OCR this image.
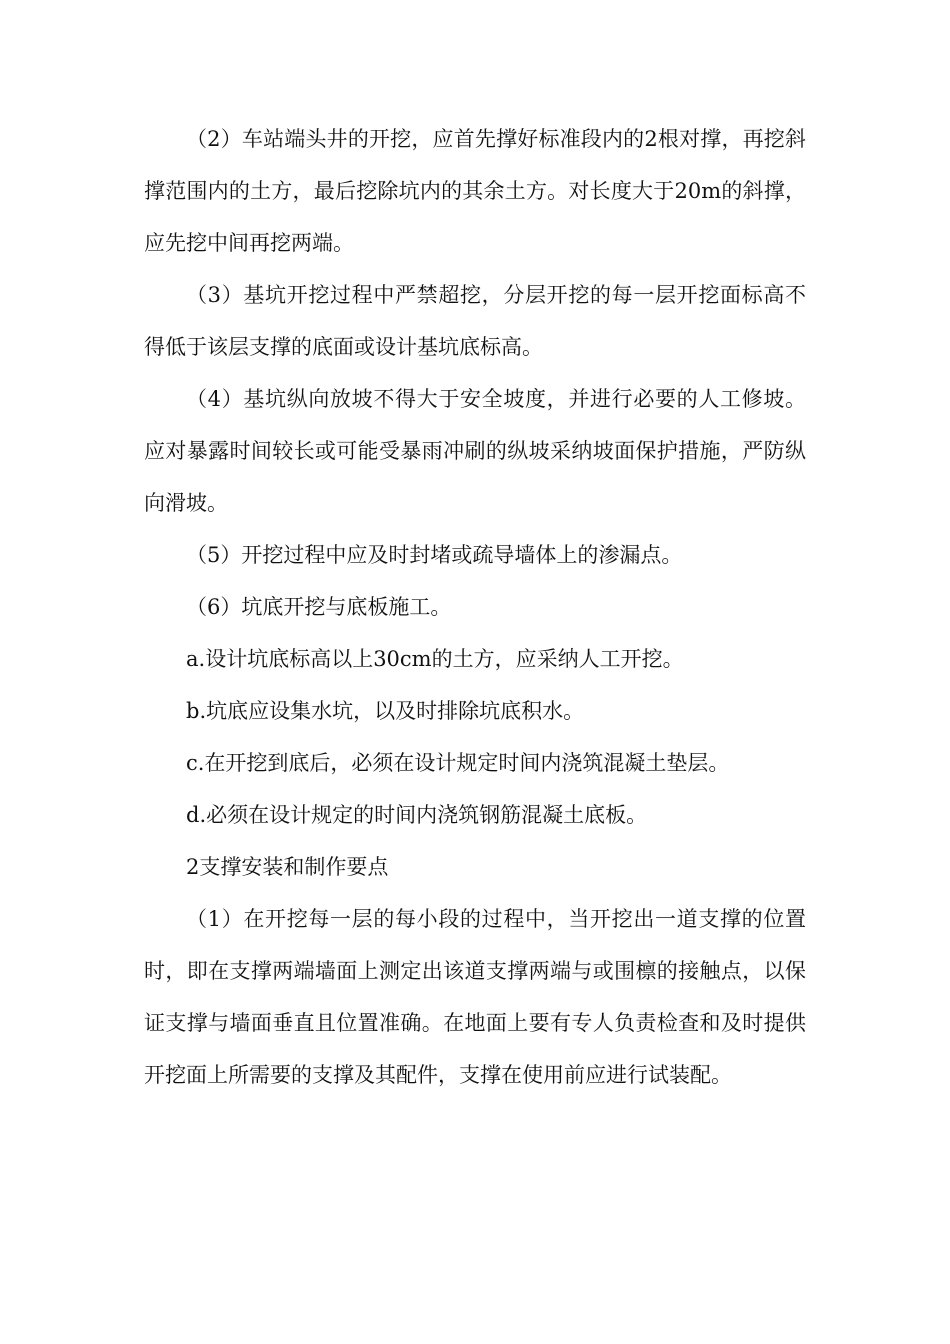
（2）车站端头井的开挖，应首先撑好标准段内的2根对撑，再挖斜撑范围内的土方，最后挖除坑内的其余土方。对长度大于20m的斜撑，应先挖中间再挖两端。

（3）基坑开挖过程中严禁超挖，分层开挖的每一层开挖面标高不得低于该层支撑的底面或设计基坑底标高。

（4）基坑纵向放坡不得大于安全坡度，并进行必要的人工修坡。应对暴露时间较长或可能受暴雨冲刷的纵坡采纳坡面保护措施，严防纵向滑坡。

（5）开挖过程中应及时封堵或疏导墙体上的渗漏点。

（6）坑底开挖与底板施工。

a.设计坑底标高以上30cm的土方，应采纳人工开挖。

b.坑底应设集水坑，以及时排除坑底积水。

c.在开挖到底后，必须在设计规定时间内浇筑混凝土垫层。

d.必须在设计规定的时间内浇筑钢筋混凝土底板。

2支撑安装和制作要点

（1）在开挖每一层的每小段的过程中，当开挖出一道支撑的位置时，即在支撑两端墙面上测定出该道支撑两端与或围檩的接触点，以保证支撑与墙面垂直且位置准确。在地面上要有专人负责检查和及时提供开挖面上所需要的支撑及其配件，支撑在使用前应进行试装配。
